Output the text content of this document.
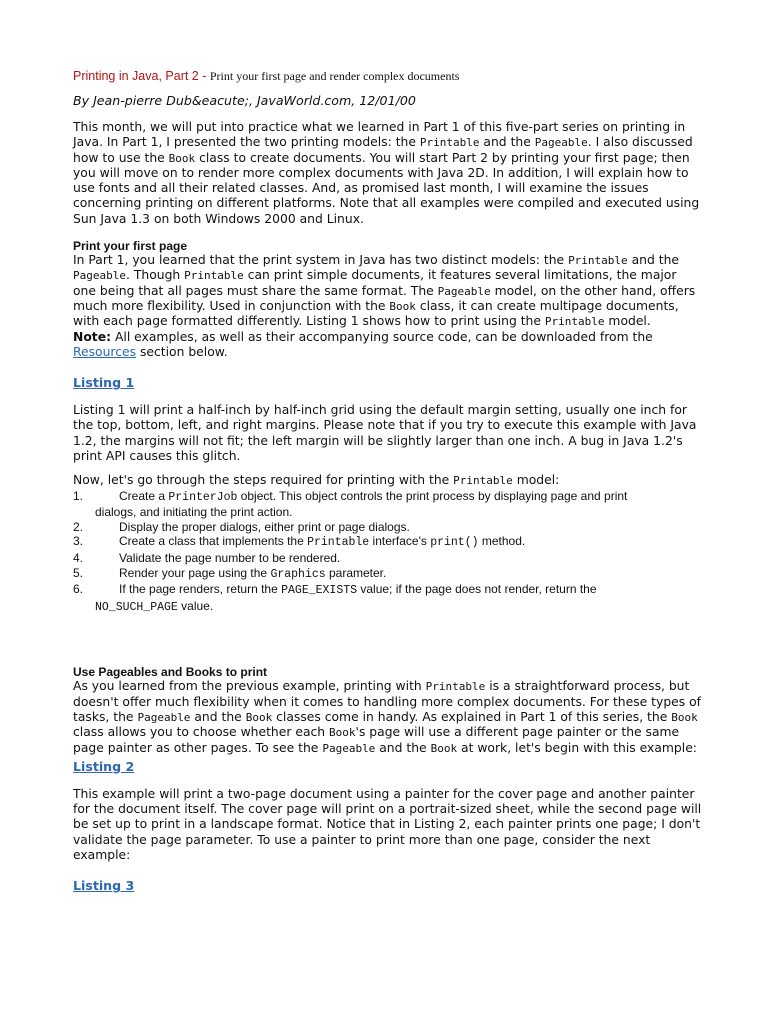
Printing in Java, Part 2 - Print your first page and render complex documents

By Jean-pierre Dub&eacute;, JavaWorld.com, 12/01/00

This month, we will put into practice what we learned in Part 1 of this five-part series on printing in Java. In Part 1, I presented the two printing models: the Printable and the Pageable. I also discussed how to use the Book class to create documents. You will start Part 2 by printing your first page; then you will move on to render more complex documents with Java 2D. In addition, I will explain how to use fonts and all their related classes. And, as promised last month, I will examine the issues concerning printing on different platforms. Note that all examples were compiled and executed using Sun Java 1.3 on both Windows 2000 and Linux.

Print your first page

In Part 1, you learned that the print system in Java has two distinct models: the Printable and the Pageable. Though Printable can print simple documents, it features several limitations, the major one being that all pages must share the same format. The Pageable model, on the other hand, offers much more flexibility. Used in conjunction with the Book class, it can create multipage documents, with each page formatted differently. Listing 1 shows how to print using the Printable model.

Note: All examples, as well as their accompanying source code, can be downloaded from the Resources section below.

Listing 1

Listing 1 will print a half-inch by half-inch grid using the default margin setting, usually one inch for the top, bottom, left, and right margins. Please note that if you try to execute this example with Java 1.2, the margins will not fit; the left margin will be slightly larger than one inch. A bug in Java 1.2's print API causes this glitch.

Now, let's go through the steps required for printing with the Printable model:

1.	Create a PrinterJob object. This object controls the print process by displaying page and print
dialogs, and initiating the print action.
2.	Display the proper dialogs, either print or page dialogs.
3.	Create a class that implements the Printable interface's print() method.
4.	Validate the page number to be rendered.
5.	Render your page using the Graphics parameter.
6.	If the page renders, return the PAGE_EXISTS value; if the page does not render, return the
NO_SUCH_PAGE value.

Use Pageables and Books to print

As you learned from the previous example, printing with Printable is a straightforward process, but doesn't offer much flexibility when it comes to handling more complex documents. For these types of tasks, the Pageable and the Book classes come in handy. As explained in Part 1 of this series, the Book class allows you to choose whether each Book's page will use a different page painter or the same page painter as other pages. To see the Pageable and the Book at work, let's begin with this example:

Listing 2

This example will print a two-page document using a painter for the cover page and another painter for the document itself. The cover page will print on a portrait-sized sheet, while the second page will be set up to print in a landscape format. Notice that in Listing 2, each painter prints one page; I don't validate the page parameter. To use a painter to print more than one page, consider the next example:

Listing 3
